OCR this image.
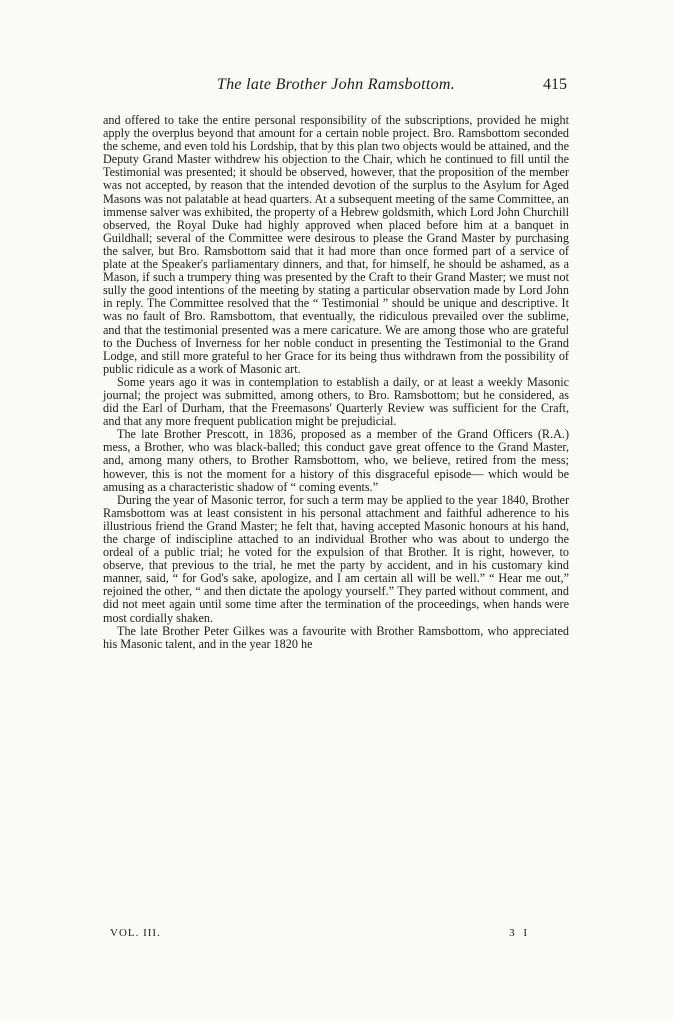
The late Brother John Ramsbottom.	415

and offered to take the entire personal responsibility of the subscriptions, provided he might apply the overplus beyond that amount for a certain noble project. Bro. Ramsbottom seconded the scheme, and even told his Lordship, that by this plan two objects would be attained, and the Deputy Grand Master withdrew his objection to the Chair, which he continued to fill until the Testimonial was presented; it should be observed, however, that the proposition of the member was not accepted, by reason that the intended devotion of the surplus to the Asylum for Aged Masons was not palatable at head quarters. At a subsequent meeting of the same Committee, an immense salver was exhibited, the property of a Hebrew goldsmith, which Lord John Churchill observed, the Royal Duke had highly approved when placed before him at a banquet in Guildhall; several of the Committee were desirous to please the Grand Master by purchasing the salver, but Bro. Ramsbottom said that it had more than once formed part of a service of plate at the Speaker's parliamentary dinners, and that, for himself, he should be ashamed, as a Mason, if such a trumpery thing was presented by the Craft to their Grand Master; we must not sully the good intentions of the meeting by stating a particular observation made by Lord John in reply. The Committee resolved that the “ Testimonial ” should be unique and descriptive. It was no fault of Bro. Ramsbottom, that eventually, the ridiculous prevailed over the sublime, and that the testimonial presented was a mere caricature. We are among those who are grateful to the Duchess of Inverness for her noble conduct in presenting the Testimonial to the Grand Lodge, and still more grateful to her Grace for its being thus withdrawn from the possibility of public ridicule as a work of Masonic art.

Some years ago it was in contemplation to establish a daily, or at least a weekly Masonic journal; the project was submitted, among others, to Bro. Ramsbottom; but he considered, as did the Earl of Durham, that the Freemasons' Quarterly Review was sufficient for the Craft, and that any more frequent publication might be prejudicial.

The late Brother Prescott, in 1836, proposed as a member of the Grand Officers (R.A.) mess, a Brother, who was black-balled; this conduct gave great offence to the Grand Master, and, among many others, to Brother Ramsbottom, who, we believe, retired from the mess; however, this is not the moment for a history of this disgraceful episode— which would be amusing as a characteristic shadow of “ coming events.”

During the year of Masonic terror, for such a term may be applied to the year 1840, Brother Ramsbottom was at least consistent in his personal attachment and faithful adherence to his illustrious friend the Grand Master; he felt that, having accepted Masonic honours at his hand, the charge of indiscipline attached to an individual Brother who was about to undergo the ordeal of a public trial; he voted for the expulsion of that Brother. It is right, however, to observe, that previous to the trial, he met the party by accident, and in his customary kind manner, said, “ for God's sake, apologize, and I am certain all will be well.” “ Hear me out,” rejoined the other, “ and then dictate the apology yourself.” They parted without comment, and did not meet again until some time after the termination of the proceedings, when hands were most cordially shaken.

The late Brother Peter Gilkes was a favourite with Brother Ramsbottom, who appreciated his Masonic talent, and in the year 1820 he

VOL. III.	3 I
